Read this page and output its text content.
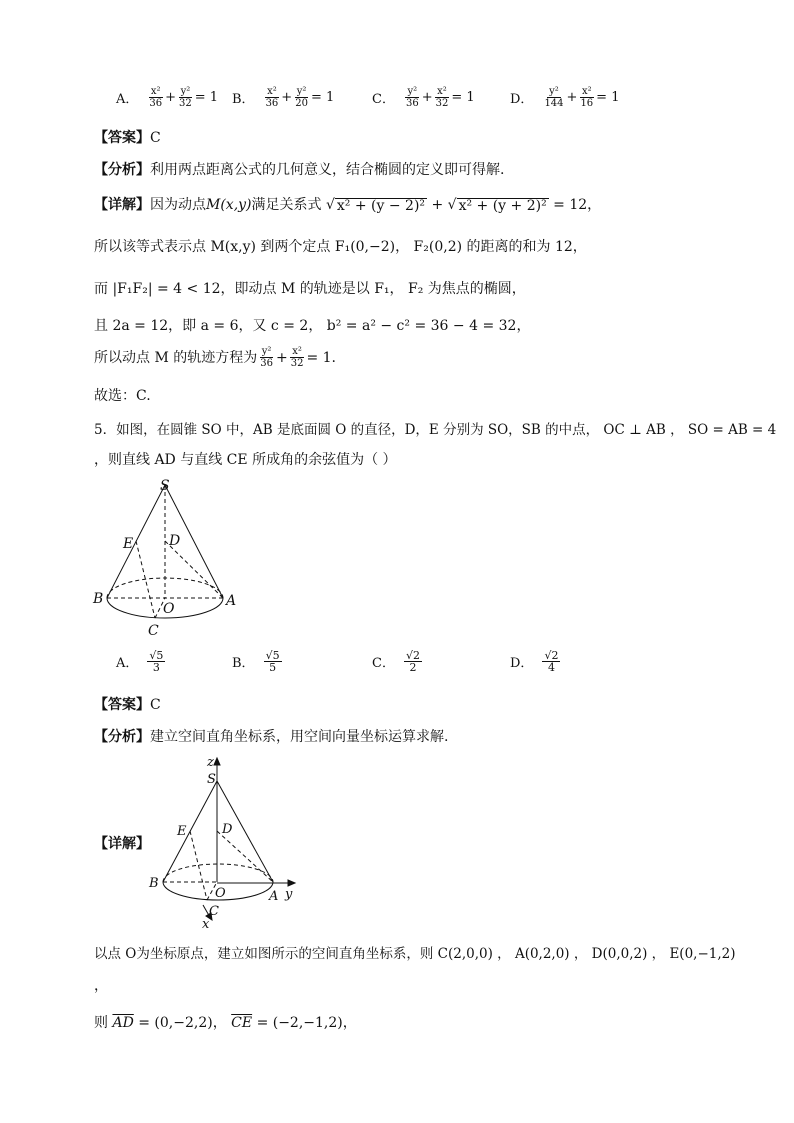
A． $\frac{\text{x²}}{36} + \frac{\text{y²}}{32} = 1$ B． $\frac{\text{x²}}{36} + \frac{\text{y²}}{20} = 1$	C． $\frac{\text{y²}}{36} + \frac{\text{x²}}{32} = 1$	D． $\frac{\text{y²}}{144} + \frac{\text{x²}}{16} = 1$
【答案】C
【分析】利用两点距离公式的几何意义，结合椭圆的定义即可得解.
【详解】因为动点M(x,y)满足关系式 √ x² + (y − 2)² + √ x² + (y + 2)² = 12，
所以该等式表示点 M(x,y) 到两个定点 F₁(0,−2)， F₂(0,2) 的距离的和为 12，
而 |F₁F₂| = 4 < 12，即动点 M 的轨迹是以 F₁， F₂ 为焦点的椭圆，
且 2a = 12，即 a = 6，又 c = 2， b² = a² − c² = 36 − 4 = 32，
所以动点 M 的轨迹方程为 $\frac{\text{y²}}{36} + \frac{\text{x²}}{32} = 1$.
故选：C.
5．如图，在圆锥 SO 中，AB 是底面圆 O 的直径，D，E 分别为 SO，SB 的中点， OC ⊥ AB ， SO = AB = 4
，则直线 AD 与直线 CE 所成角的余弦值为（ ）
S
E	D
B
O	A
C
A． $\frac{√5}{3}$	B． $\frac{√5}{5}$	C． $\frac{√2}{2}$	D． $\frac{√2}{4}$
【答案】C
【分析】建立空间直角坐标系，用空间向量坐标运算求解.
【详解】
z
S
E	D
B
O	A y
C
x
以点 O为坐标原点，建立如图所示的空间直角坐标系，则 C(2,0,0) ， A(0,2,0) ， D(0,0,2) ， E(0,−1,2)
，
则 $\overline{AD} = (0,-2,2)$， $\overline{CE} = (-2,-1,2)$，
